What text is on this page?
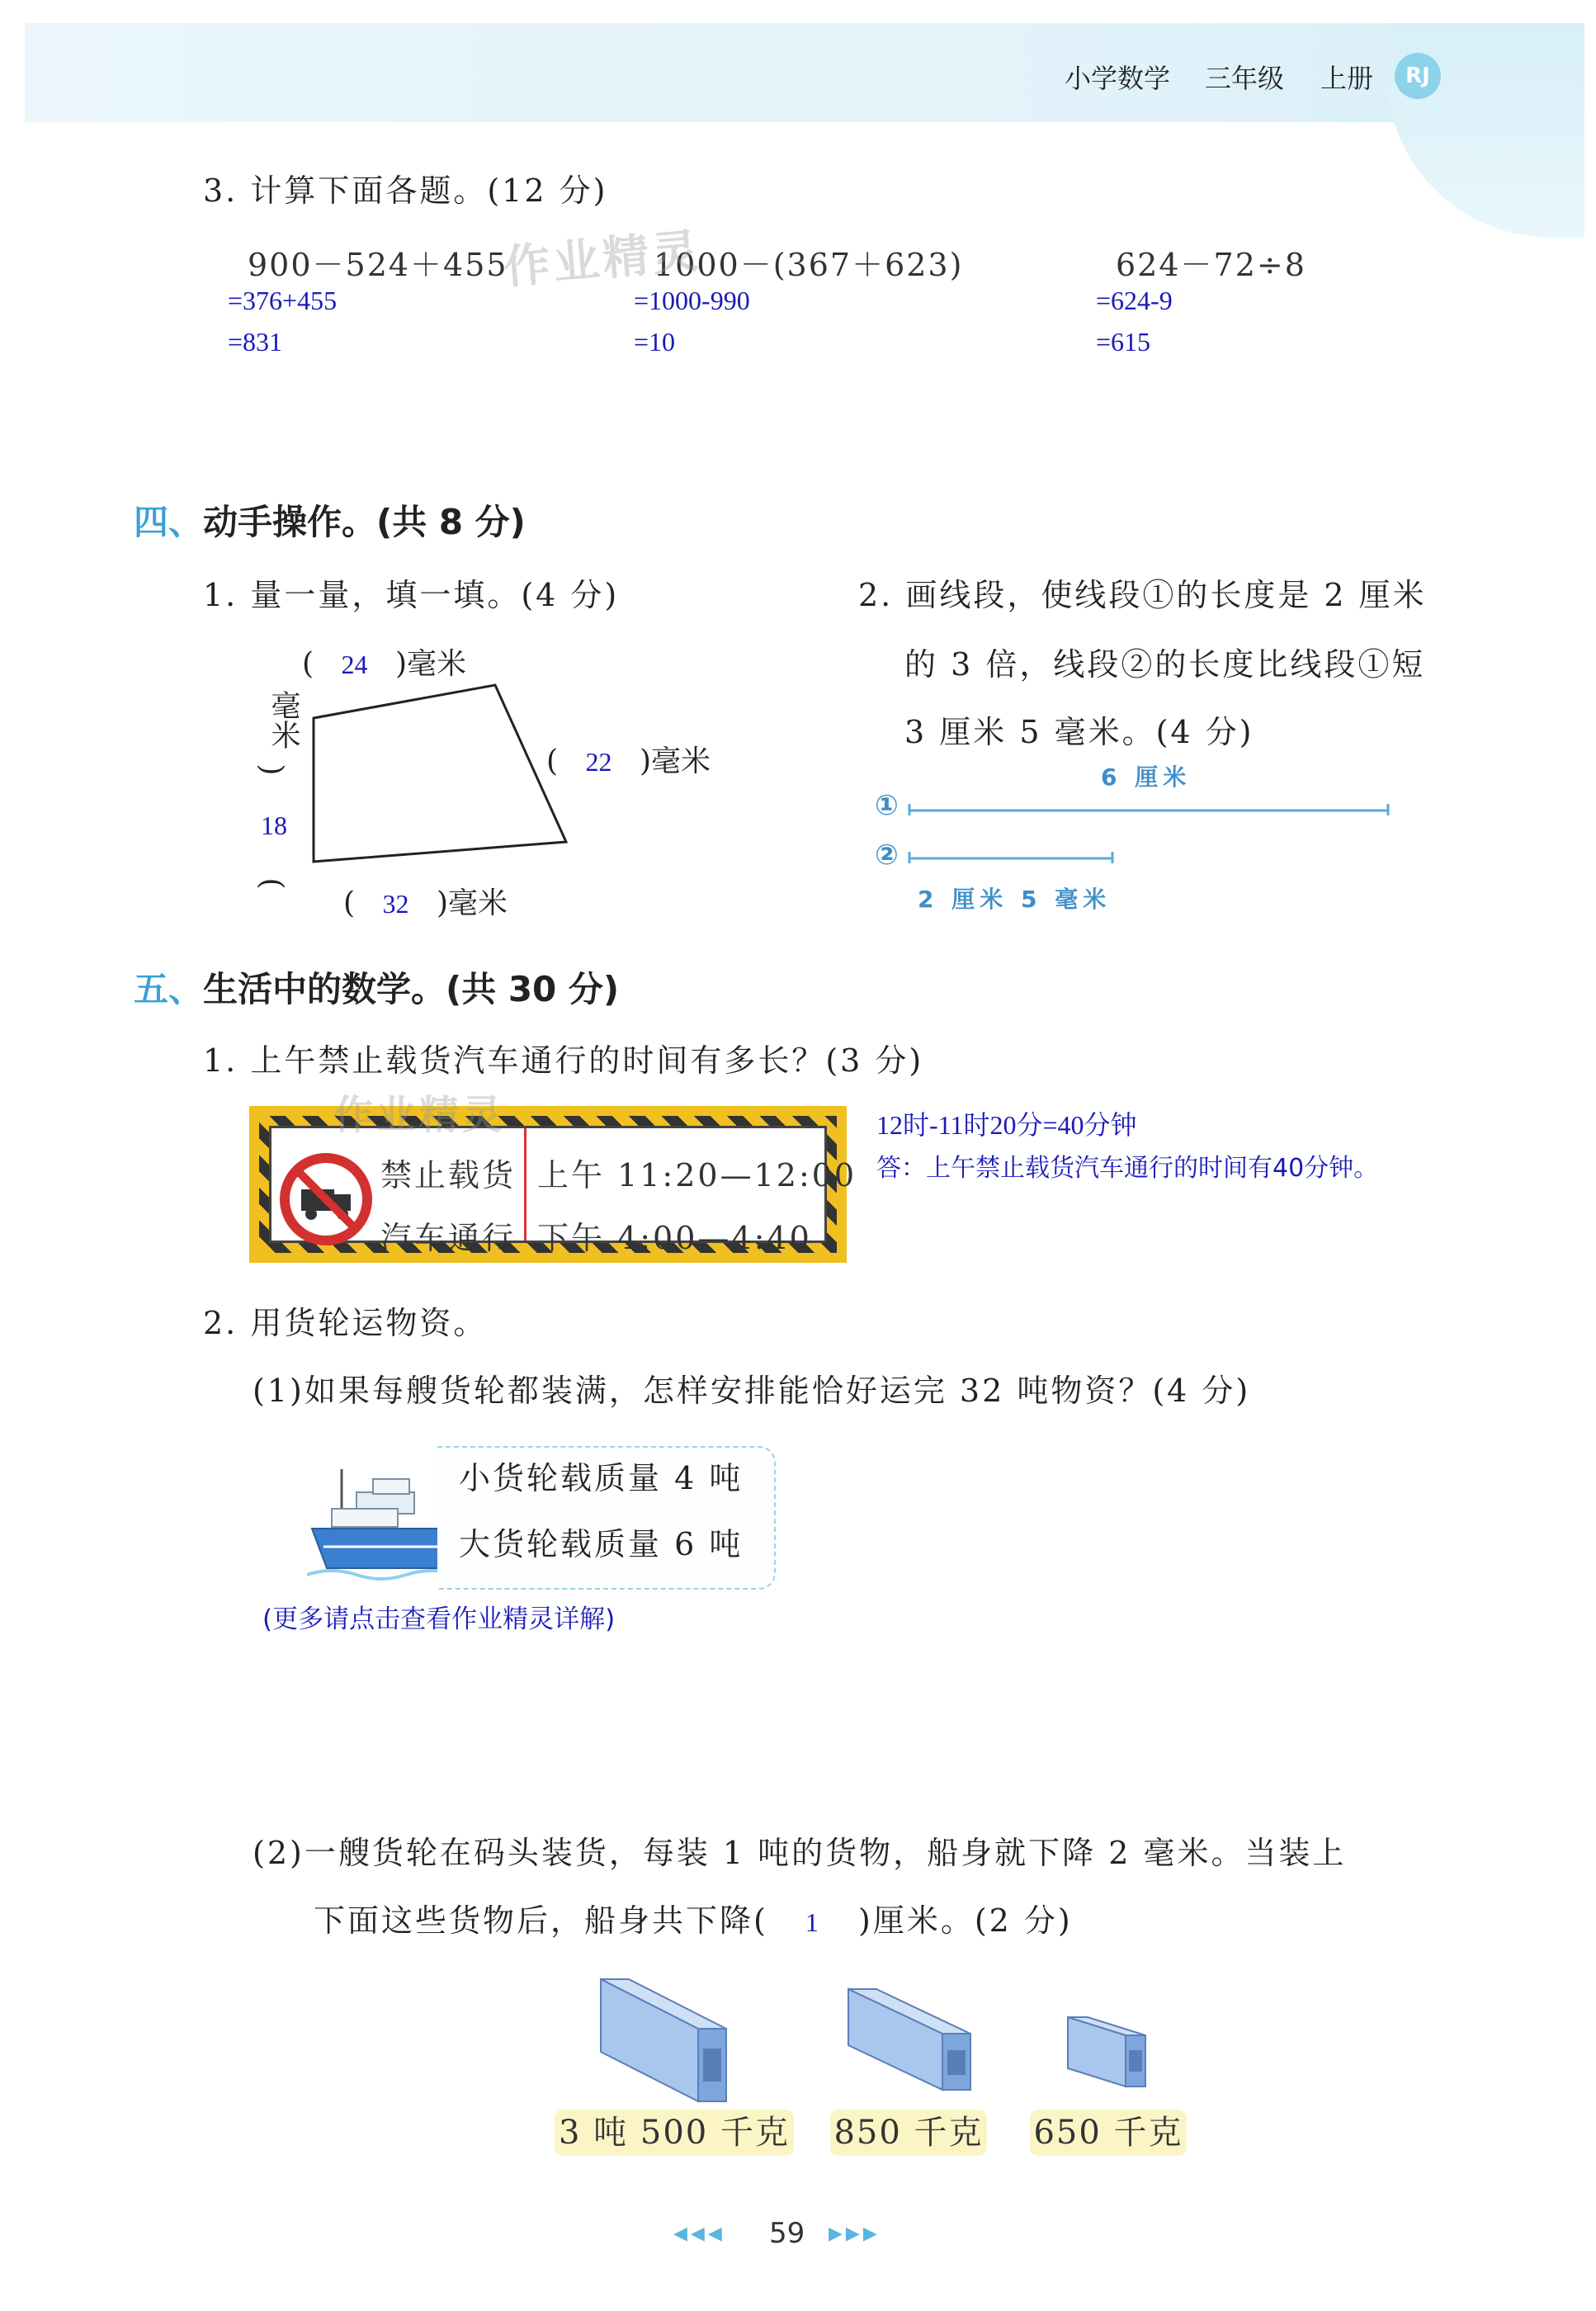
小学数学 三年级 上册	RJ
3. 计算下面各题。(12 分)
900－524＋455
=376+455
=831
1000－(367＋623)
=1000-990
=10
624－72÷8
=624-9
=615
作业精灵
四、动手操作。(共 8 分)
1. 量一量，填一填。(4 分)
( 24 )毫米
( 22 )毫米
( 32 )毫米
毫米
)
18
(
2. 画线段，使线段①的长度是 2 厘米
的 3 倍，线段②的长度比线段①短
3 厘米 5 毫米。(4 分)
6 厘米
①
②
2 厘米 5 毫米
五、生活中的数学。(共 30 分)
1. 上午禁止载货汽车通行的时间有多长？(3 分)
禁止载货
汽车通行
上午 11:20—12:00
下午 4:00—4:40
作业精灵	12时-11时20分=40分钟
答：上午禁止载货汽车通行的时间有40分钟。
2. 用货轮运物资。
(1)如果每艘货轮都装满，怎样安排能恰好运完 32 吨物资？(4 分)
小货轮载质量 4 吨
大货轮载质量 6 吨
(更多请点击查看作业精灵详解)
(2)一艘货轮在码头装货，每装 1 吨的货物，船身就下降 2 毫米。当装上
下面这些货物后，船身共下降( 1 )厘米。(2 分)
3 吨 500 千克 850 千克 650 千克
◀◀◀ 59 ▶▶▶
